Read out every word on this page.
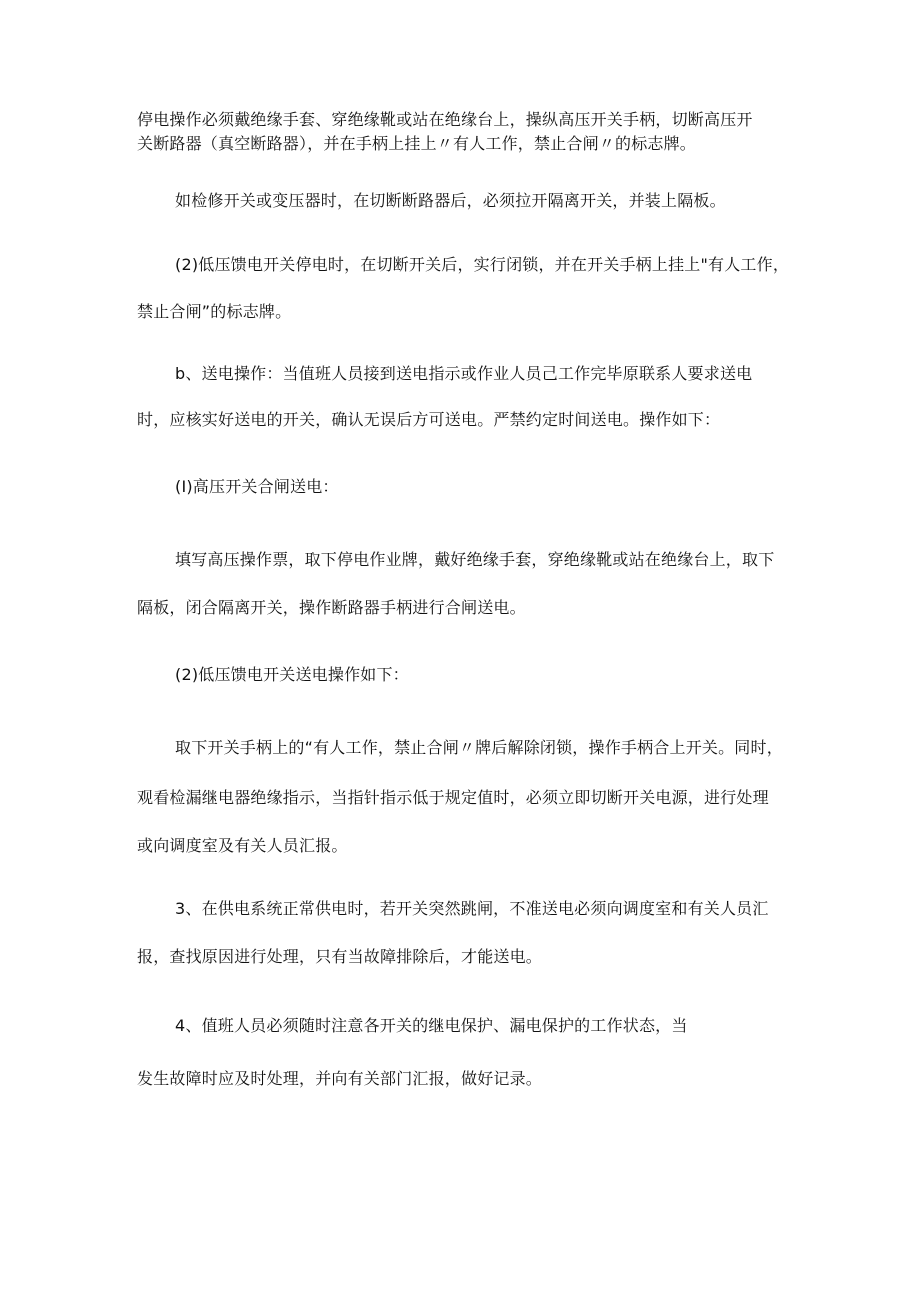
停电操作必须戴绝缘手套、穿绝缘靴或站在绝缘台上，操纵高压开关手柄，切断高压开
关断路器（真空断路器），并在手柄上挂上〃有人工作，禁止合闸〃的标志牌。
如检修开关或变压器时，在切断断路器后，必须拉开隔离开关，并装上隔板。
(2)低压馈电开关停电时，在切断开关后，实行闭锁，并在开关手柄上挂上"有人工作，
禁止合闸”的标志牌。
b、送电操作：当值班人员接到送电指示或作业人员己工作完毕原联系人要求送电
时，应核实好送电的开关，确认无误后方可送电。严禁约定时间送电。操作如下：
(I)高压开关合闸送电：
填写高压操作票，取下停电作业牌，戴好绝缘手套，穿绝缘靴或站在绝缘台上，取下
隔板，闭合隔离开关，操作断路器手柄进行合闸送电。
(2)低压馈电开关送电操作如下：
取下开关手柄上的“有人工作，禁止合闸〃牌后解除闭锁，操作手柄合上开关。同时，
观看检漏继电器绝缘指示，当指针指示低于规定值时，必须立即切断开关电源，进行处理
或向调度室及有关人员汇报。
3、在供电系统正常供电时，若开关突然跳闸，不准送电必须向调度室和有关人员汇
报，查找原因进行处理，只有当故障排除后，才能送电。
4、值班人员必须随时注意各开关的继电保护、漏电保护的工作状态，当
发生故障时应及时处理，并向有关部门汇报，做好记录。
